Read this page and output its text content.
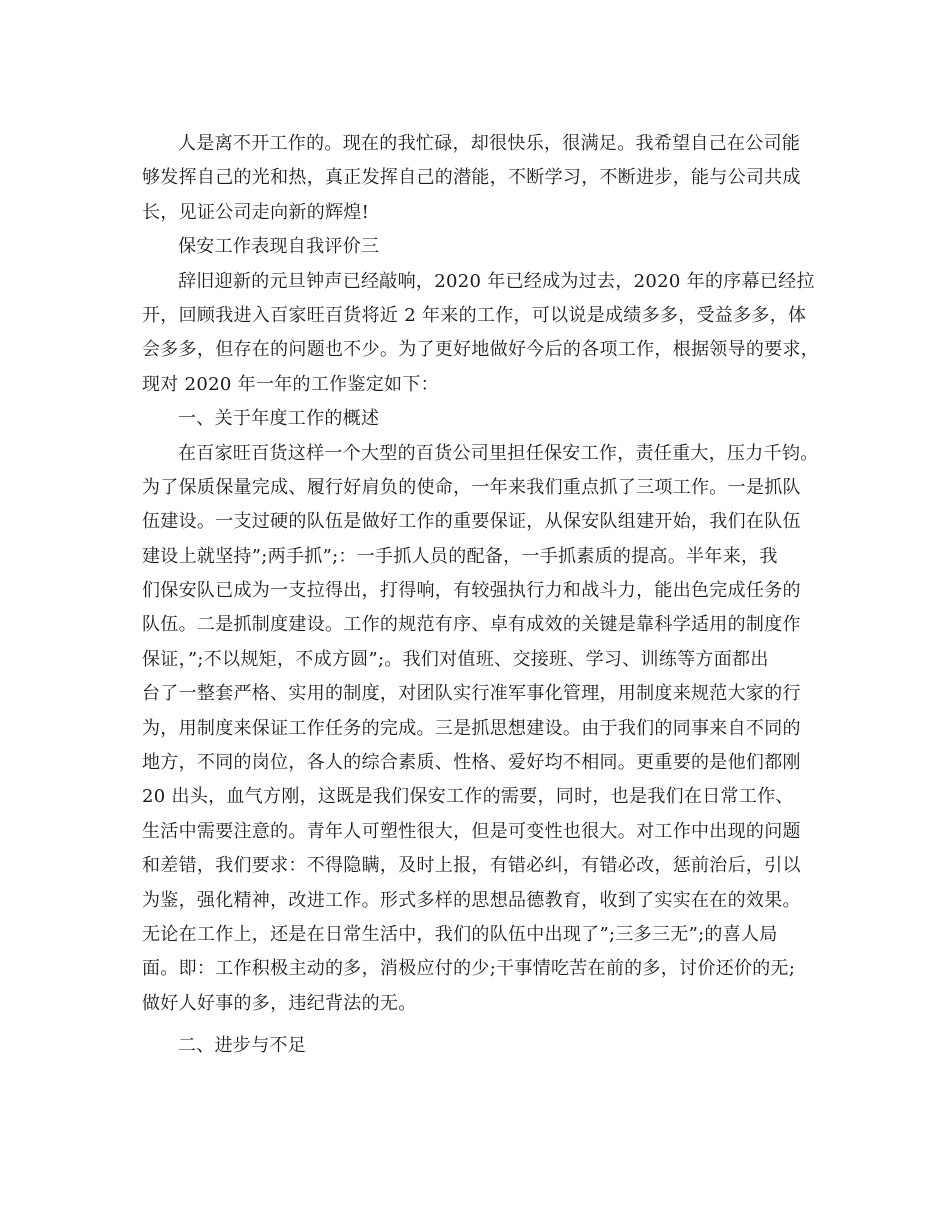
人是离不开工作的。现在的我忙碌，却很快乐，很满足。我希望自己在公司能
够发挥自己的光和热，真正发挥自己的潜能，不断学习，不断进步，能与公司共成
长，见证公司走向新的辉煌!
保安工作表现自我评价三
辞旧迎新的元旦钟声已经敲响，2020 年已经成为过去，2020 年的序幕已经拉
开，回顾我进入百家旺百货将近 2 年来的工作，可以说是成绩多多，受益多多，体
会多多，但存在的问题也不少。为了更好地做好今后的各项工作，根据领导的要求，
现对 2020 年一年的工作鉴定如下：
一、关于年度工作的概述
在百家旺百货这样一个大型的百货公司里担任保安工作，责任重大，压力千钧。
为了保质保量完成、履行好肩负的使命，一年来我们重点抓了三项工作。一是抓队
伍建设。一支过硬的队伍是做好工作的重要保证，从保安队组建开始，我们在队伍
建设上就坚持”;两手抓”;：一手抓人员的配备，一手抓素质的提高。半年来，我
们保安队已成为一支拉得出，打得响，有较强执行力和战斗力，能出色完成任务的
队伍。二是抓制度建设。工作的规范有序、卓有成效的关键是靠科学适用的制度作
保证，”;不以规矩，不成方圆”;。我们对值班、交接班、学习、训练等方面都出
台了一整套严格、实用的制度，对团队实行准军事化管理，用制度来规范大家的行
为，用制度来保证工作任务的完成。三是抓思想建设。由于我们的同事来自不同的
地方，不同的岗位，各人的综合素质、性格、爱好均不相同。更重要的是他们都刚
20 出头，血气方刚，这既是我们保安工作的需要，同时，也是我们在日常工作、
生活中需要注意的。青年人可塑性很大，但是可变性也很大。对工作中出现的问题
和差错，我们要求：不得隐瞒，及时上报，有错必纠，有错必改，惩前治后，引以
为鉴，强化精神，改进工作。形式多样的思想品德教育，收到了实实在在的效果。
无论在工作上，还是在日常生活中，我们的队伍中出现了”;三多三无”;的喜人局
面。即：工作积极主动的多，消极应付的少;干事情吃苦在前的多，讨价还价的无;
做好人好事的多，违纪背法的无。
二、进步与不足
